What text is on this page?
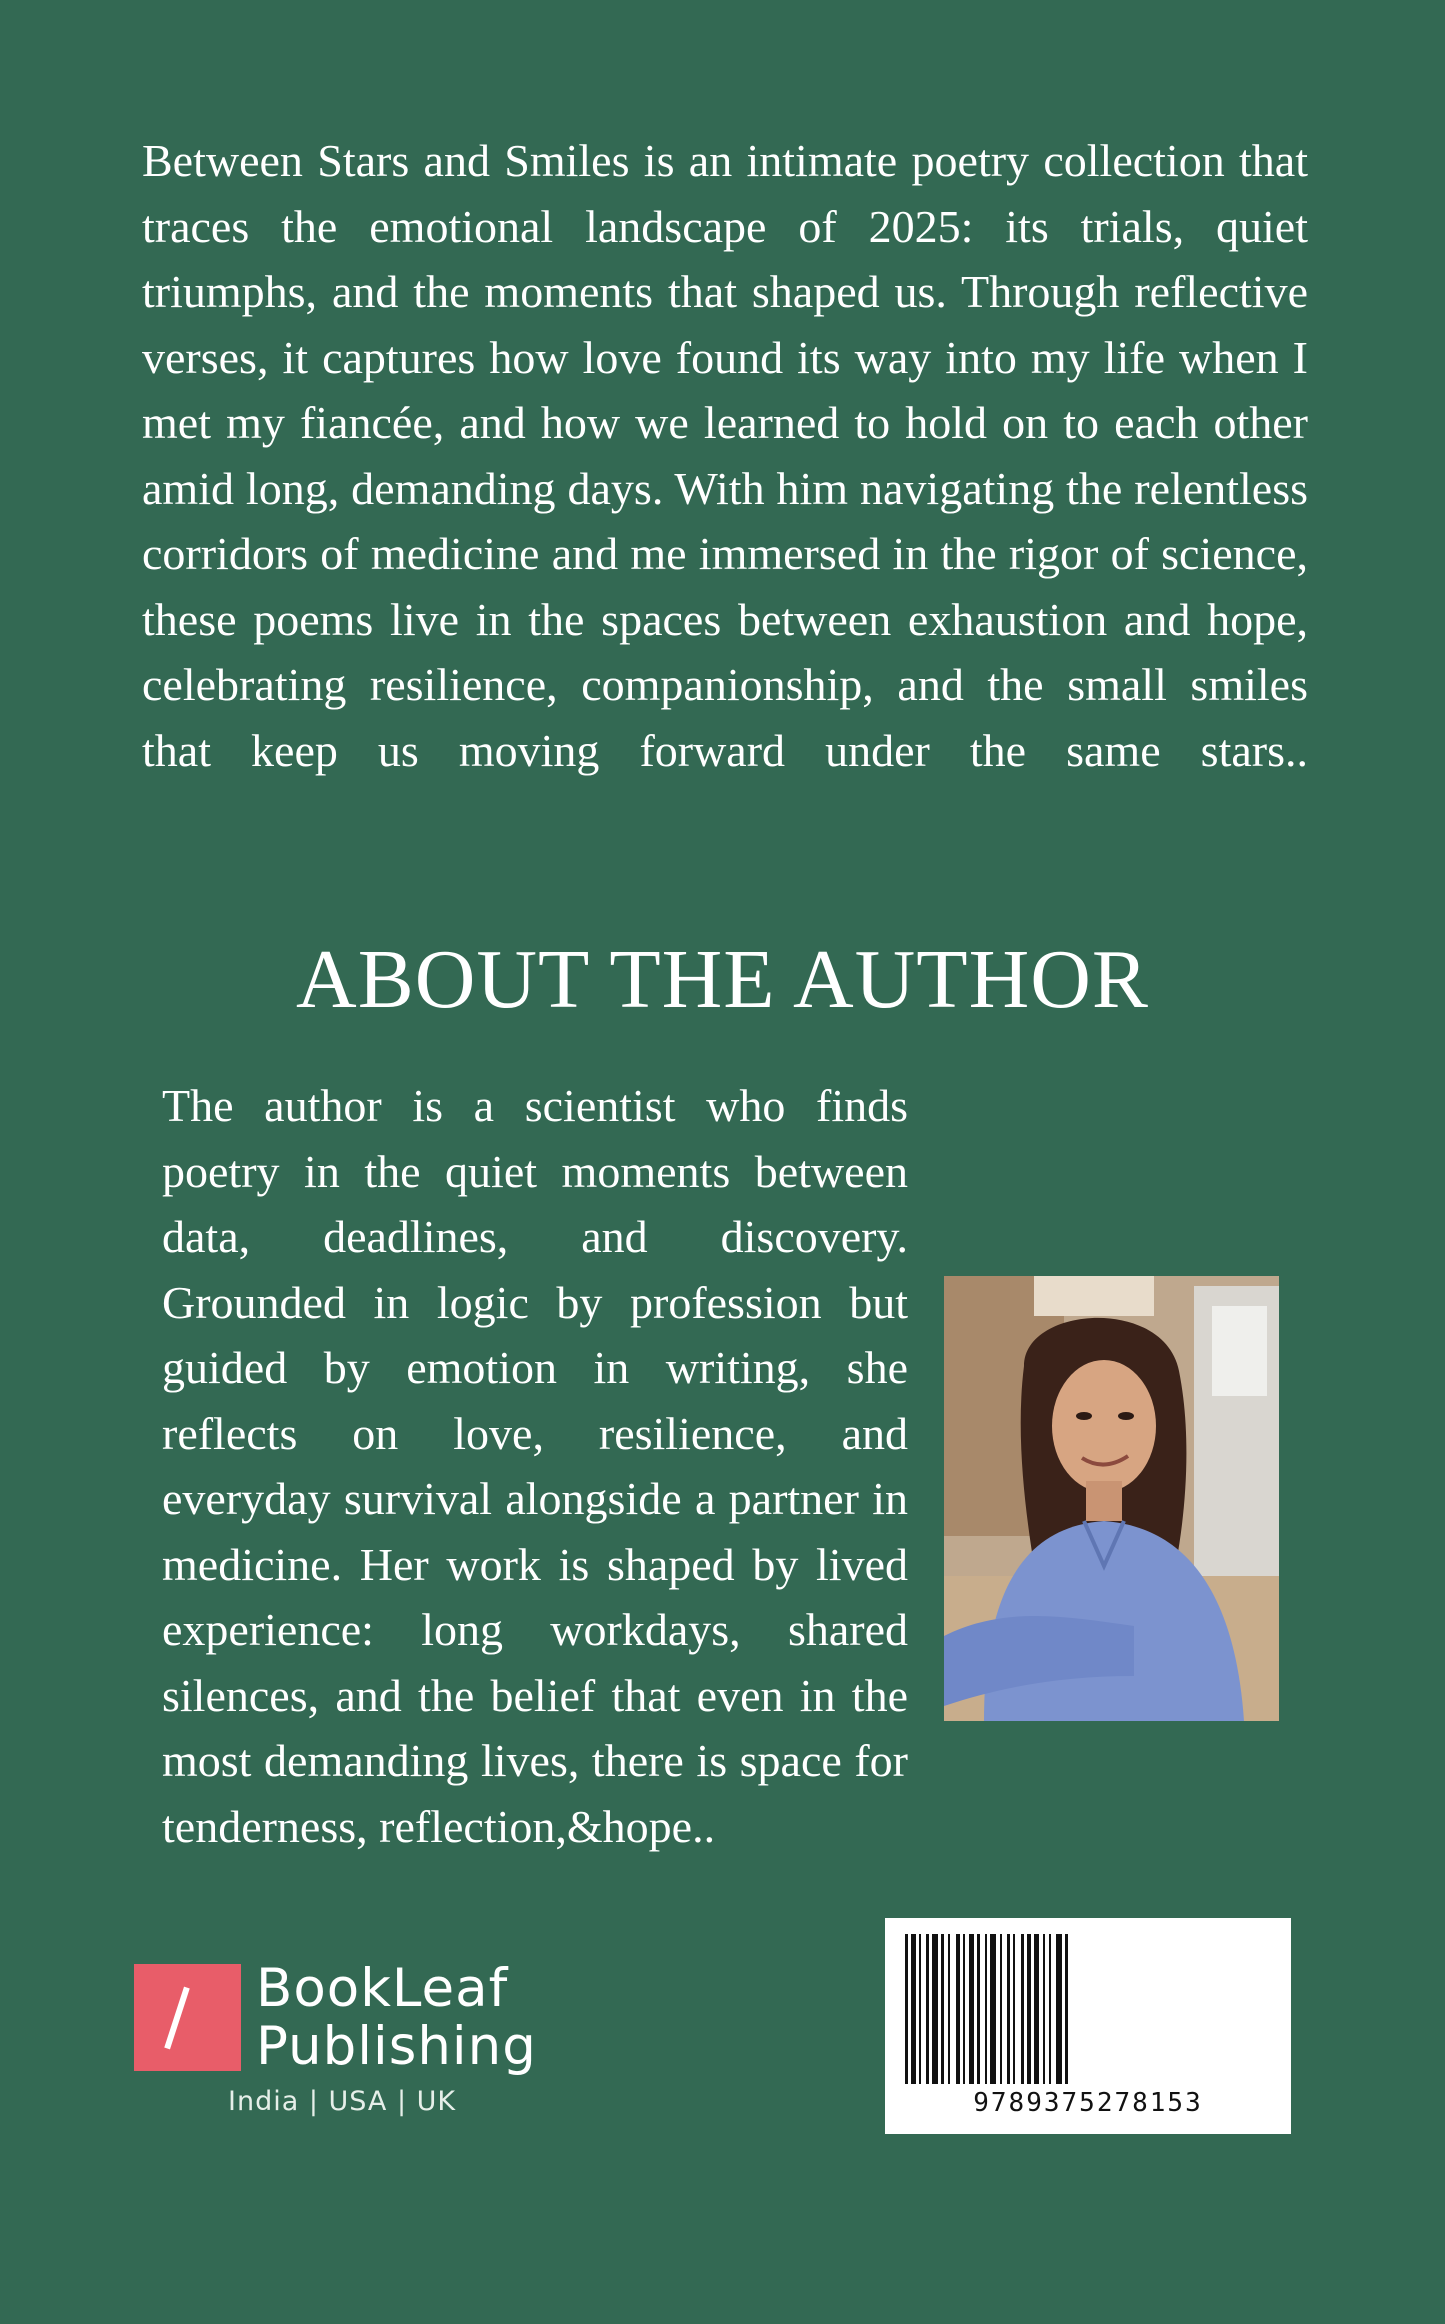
Between Stars and Smiles is an intimate poetry collection that traces the emotional landscape of 2025: its trials, quiet triumphs, and the moments that shaped us. Through reflective verses, it captures how love found its way into my life when I met my fiancée, and how we learned to hold on to each other amid long, demanding days. With him navigating the relentless corridors of medicine and me immersed in the rigor of science, these poems live in the spaces between exhaustion and hope, celebrating resilience, companionship, and the small smiles that keep us moving forward under the same stars..

ABOUT THE AUTHOR
The author is a scientist who finds poetry in the quiet moments between data, deadlines, and discovery. Grounded in logic by profession but guided by emotion in writing, she reflects on love, resilience, and everyday survival alongside a partner in medicine. Her work is shaped by lived experience: long workdays, shared silences, and the belief that even in the most demanding lives, there is space for tenderness, reflection,&hope..
BookLeaf
Publishing
India | USA | UK	9789375278153
